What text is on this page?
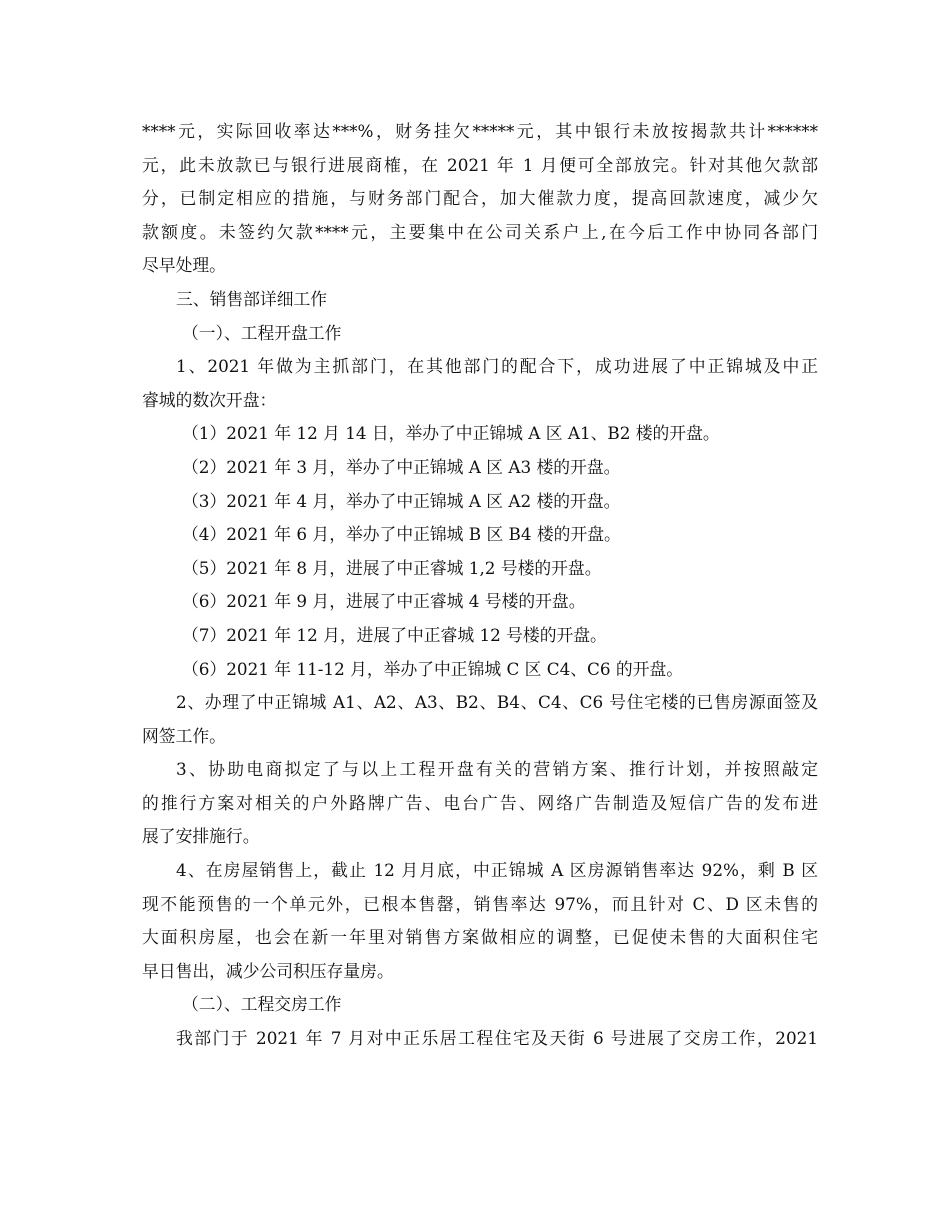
****元，实际回收率达***%，财务挂欠*****元，其中银行未放按揭款共计******
元，此未放款已与银行进展商榷，在 2021 年 1 月便可全部放完。针对其他欠款部
分，已制定相应的措施，与财务部门配合，加大催款力度，提高回款速度，减少欠
款额度。未签约欠款****元，主要集中在公司关系户上,在今后工作中协同各部门
尽早处理。
三、销售部详细工作
（一）、工程开盘工作
1、2021 年做为主抓部门，在其他部门的配合下，成功进展了中正锦城及中正
睿城的数次开盘：
（1）2021 年 12 月 14 日，举办了中正锦城 A 区 A1、B2 楼的开盘。
（2）2021 年 3 月，举办了中正锦城 A 区 A3 楼的开盘。
（3）2021 年 4 月，举办了中正锦城 A 区 A2 楼的开盘。
（4）2021 年 6 月，举办了中正锦城 B 区 B4 楼的开盘。
（5）2021 年 8 月，进展了中正睿城 1,2 号楼的开盘。
（6）2021 年 9 月，进展了中正睿城 4 号楼的开盘。
（7）2021 年 12 月，进展了中正睿城 12 号楼的开盘。
（6）2021 年 11-12 月，举办了中正锦城 C 区 C4、C6 的开盘。
2、办理了中正锦城 A1、A2、A3、B2、B4、C4、C6 号住宅楼的已售房源面签及
网签工作。
3、协助电商拟定了与以上工程开盘有关的营销方案、推行计划，并按照敲定
的推行方案对相关的户外路牌广告、电台广告、网络广告制造及短信广告的发布进
展了安排施行。
4、在房屋销售上，截止 12 月月底，中正锦城 A 区房源销售率达 92%，剩 B 区
现不能预售的一个单元外，已根本售罄，销售率达 97%，而且针对 C、D 区未售的
大面积房屋，也会在新一年里对销售方案做相应的调整，已促使未售的大面积住宅
早日售出，减少公司积压存量房。
（二）、工程交房工作
我部门于 2021 年 7 月对中正乐居工程住宅及天街 6 号进展了交房工作，2021
